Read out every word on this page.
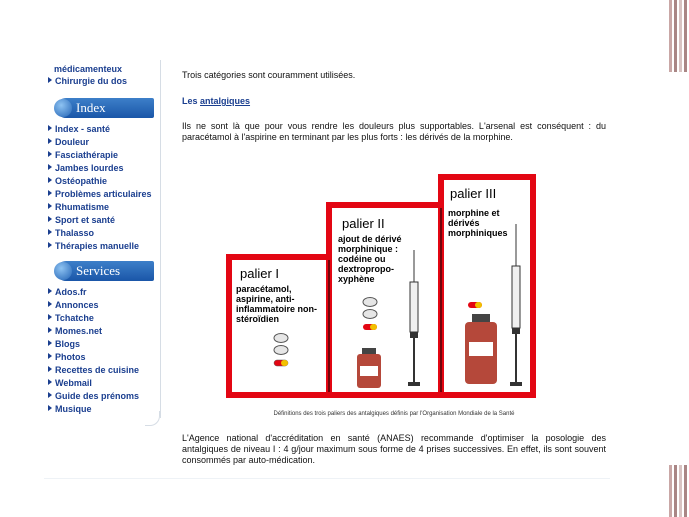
médicamenteux
Chirurgie du dos
Index
Index - santé
Douleur
Fasciathérapie
Jambes lourdes
Ostéopathie
Problèmes articulaires
Rhumatisme
Sport et santé
Thalasso
Thérapies manuelle
Services
Ados.fr
Annonces
Tchatche
Momes.net
Blogs
Photos
Recettes de cuisine
Webmail
Guide des prénoms
Musique
Trois catégories sont couramment utilisées.
Les antalgiques
Ils ne sont là que pour vous rendre les douleurs plus supportables. L'arsenal est conséquent : du paracétamol à l'aspirine en terminant par les plus forts : les dérivés de la morphine.
palier I
paracétamol, aspirine, anti-inflammatoire non-stéroïdien
palier II
ajout de dérivé morphinique : codéine ou dextropropo-xyphène
palier III
morphine et dérivés morphiniques
Définitions des trois paliers des antalgiques définis par l'Organisation Mondiale de la Santé
L'Agence national d'accréditation en santé (ANAES) recommande d'optimiser la posologie des antalgiques de niveau I : 4 g/jour maximum sous forme de 4 prises successives. En effet, ils sont souvent consommés par auto-médication.
